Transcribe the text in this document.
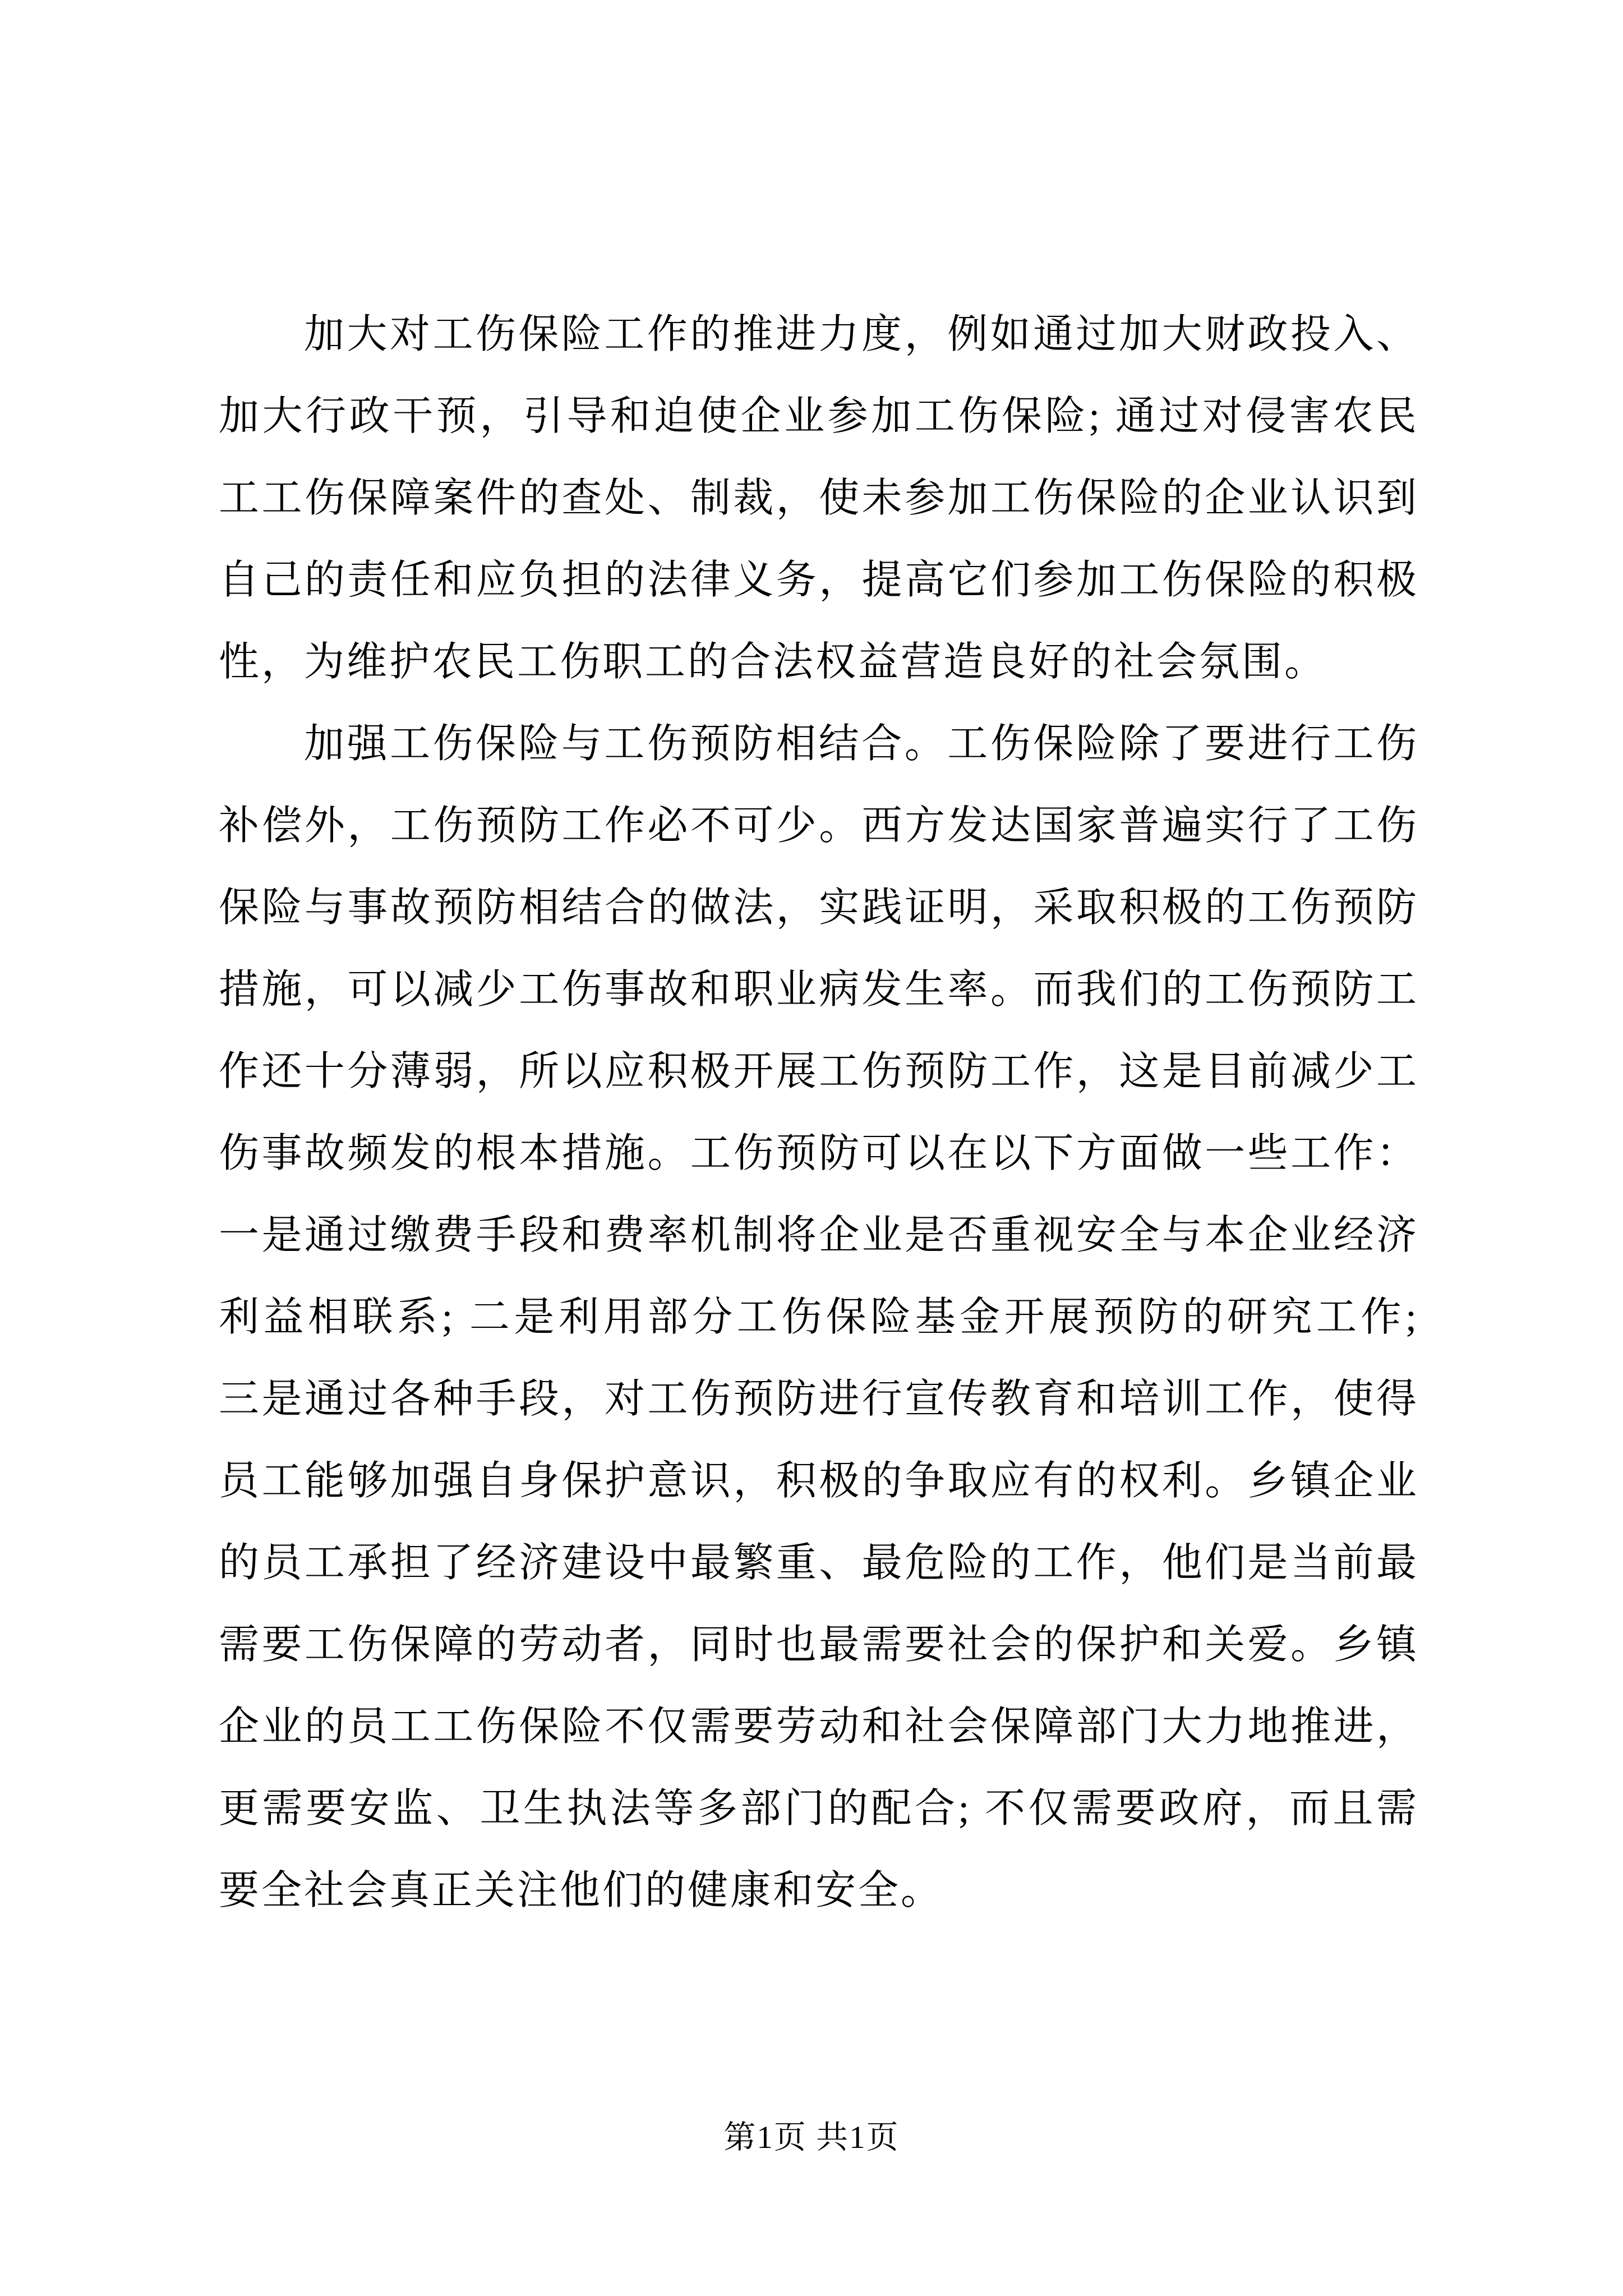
加大对工伤保险工作的推进力度，例如通过加大财政投入、加大行政干预，引导和迫使企业参加工伤保险; 通过对侵害农民工工伤保障案件的查处、制裁，使未参加工伤保险的企业认识到自己的责任和应负担的法律义务，提高它们参加工伤保险的积极性，为维护农民工伤职工的合法权益营造良好的社会氛围。

加强工伤保险与工伤预防相结合。工伤保险除了要进行工伤补偿外，工伤预防工作必不可少。西方发达国家普遍实行了工伤保险与事故预防相结合的做法，实践证明，采取积极的工伤预防措施，可以减少工伤事故和职业病发生率。而我们的工伤预防工作还十分薄弱，所以应积极开展工伤预防工作，这是目前减少工伤事故频发的根本措施。工伤预防可以在以下方面做一些工作：一是通过缴费手段和费率机制将企业是否重视安全与本企业经济利益相联系; 二是利用部分工伤保险基金开展预防的研究工作; 三是通过各种手段，对工伤预防进行宣传教育和培训工作，使得员工能够加强自身保护意识，积极的争取应有的权利。乡镇企业的员工承担了经济建设中最繁重、最危险的工作，他们是当前最需要工伤保障的劳动者，同时也最需要社会的保护和关爱。乡镇企业的员工工伤保险不仅需要劳动和社会保障部门大力地推进，更需要安监、卫生执法等多部门的配合; 不仅需要政府，而且需要全社会真正关注他们的健康和安全。

第1页 共1页
